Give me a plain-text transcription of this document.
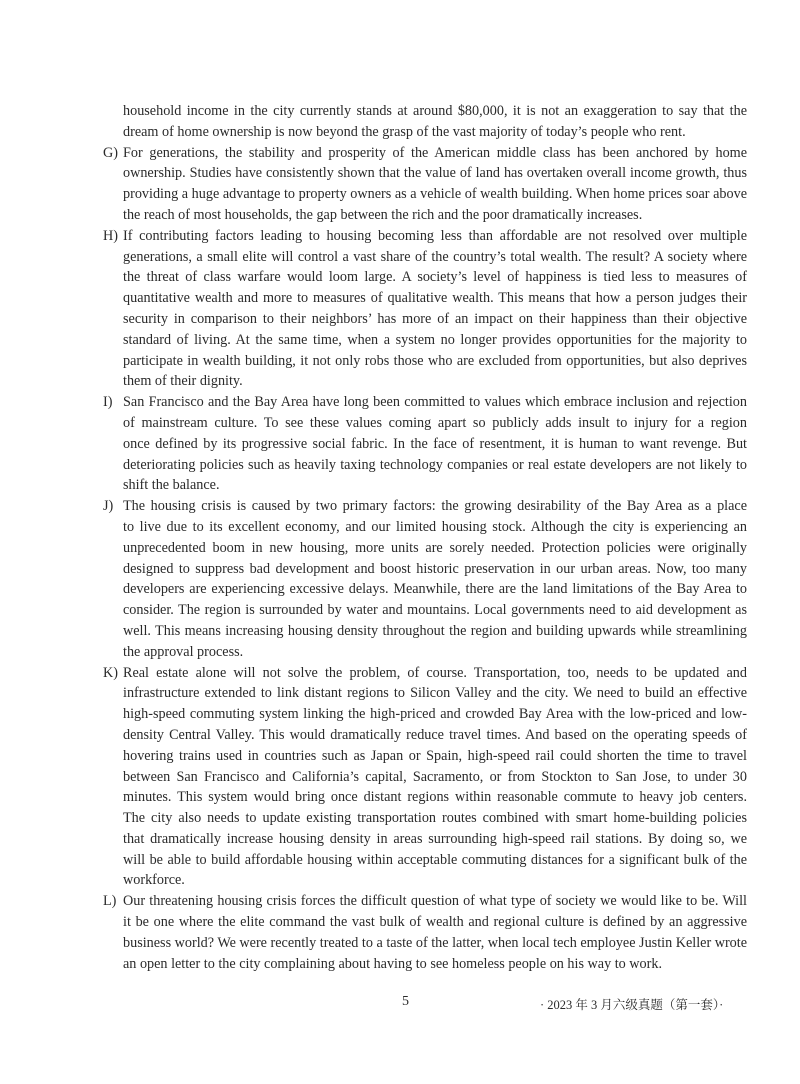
household income in the city currently stands at around $80,000, it is not an exaggeration to say that the
dream of home ownership is now beyond the grasp of the vast majority of today’s people who rent.
G) For generations, the stability and prosperity of the American middle class has been anchored by home
ownership. Studies have consistently shown that the value of land has overtaken overall income growth, thus
providing a huge advantage to property owners as a vehicle of wealth building. When home prices soar above
the reach of most households, the gap between the rich and the poor dramatically increases.
H) If contributing factors leading to housing becoming less than affordable are not resolved over multiple
generations, a small elite will control a vast share of the country’s total wealth. The result? A society where
the threat of class warfare would loom large. A society’s level of happiness is tied less to measures of
quantitative wealth and more to measures of qualitative wealth. This means that how a person judges their
security in comparison to their neighbors’ has more of an impact on their happiness than their objective
standard of living. At the same time, when a system no longer provides opportunities for the majority to
participate in wealth building, it not only robs those who are excluded from opportunities, but also deprives
them of their dignity.
I) San Francisco and the Bay Area have long been committed to values which embrace inclusion and rejection
of mainstream culture. To see these values coming apart so publicly adds insult to injury for a region
once defined by its progressive social fabric. In the face of resentment, it is human to want revenge. But
deteriorating policies such as heavily taxing technology companies or real estate developers are not likely to
shift the balance.
J) The housing crisis is caused by two primary factors: the growing desirability of the Bay Area as a place
to live due to its excellent economy, and our limited housing stock. Although the city is experiencing an
unprecedented boom in new housing, more units are sorely needed. Protection policies were originally
designed to suppress bad development and boost historic preservation in our urban areas. Now, too many
developers are experiencing excessive delays. Meanwhile, there are the land limitations of the Bay Area to
consider. The region is surrounded by water and mountains. Local governments need to aid development as
well. This means increasing housing density throughout the region and building upwards while streamlining
the approval process.
K) Real estate alone will not solve the problem, of course. Transportation, too, needs to be updated and
infrastructure extended to link distant regions to Silicon Valley and the city. We need to build an effective
high-speed commuting system linking the high-priced and crowded Bay Area with the low-priced and low-
density Central Valley. This would dramatically reduce travel times. And based on the operating speeds of
hovering trains used in countries such as Japan or Spain, high-speed rail could shorten the time to travel
between San Francisco and California’s capital, Sacramento, or from Stockton to San Jose, to under 30
minutes. This system would bring once distant regions within reasonable commute to heavy job centers.
The city also needs to update existing transportation routes combined with smart home-building policies
that dramatically increase housing density in areas surrounding high-speed rail stations. By doing so, we
will be able to build affordable housing within acceptable commuting distances for a significant bulk of the
workforce.
L) Our threatening housing crisis forces the difficult question of what type of society we would like to be. Will
it be one where the elite command the vast bulk of wealth and regional culture is defined by an aggressive
business world? We were recently treated to a taste of the latter, when local tech employee Justin Keller wrote
an open letter to the city complaining about having to see homeless people on his way to work.
5	· 2023 年 3 月六级真题（第一套）·
